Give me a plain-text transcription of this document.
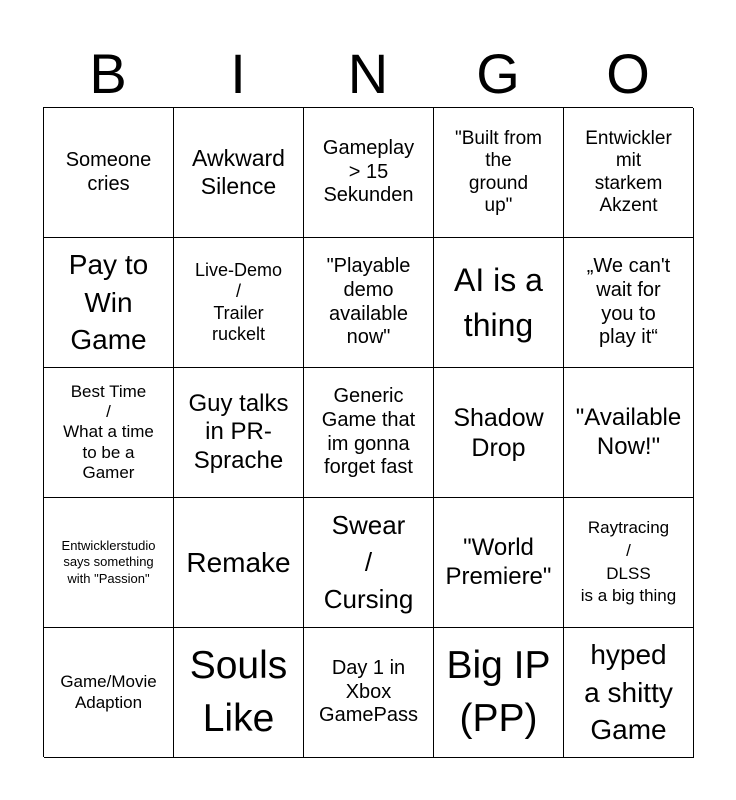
B	I	N	G	O
Someone
cries
Awkward
Silence
Gameplay
> 15
Sekunden
"Built from
the
ground
up"
Entwickler
mit
starkem
Akzent
Pay to
Win
Game
Live-Demo
/
Trailer
ruckelt
"Playable
demo
available
now"
AI is a
thing
„We can't
wait for
you to
play it“
Best Time
/
What a time
to be a
Gamer
Guy talks
in PR-
Sprache
Generic
Game that
im gonna
forget fast
Shadow
Drop
"Available
Now!"
Entwicklerstudio
says something
with "Passion"
Remake
Swear
/
Cursing
"World
Premiere"
Raytracing
/
DLSS
is a big thing
Game/Movie
Adaption
Souls
Like
Day 1 in
Xbox
GamePass
Big IP
(PP)
hyped
a shitty
Game
